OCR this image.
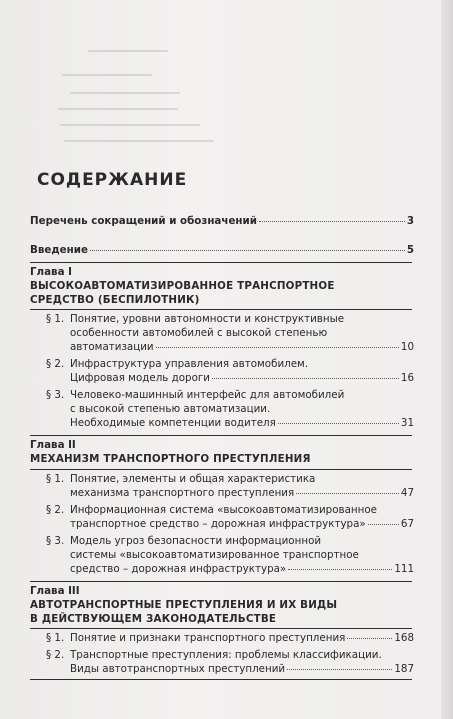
СОДЕРЖАНИЕ
Перечень сокращений и обозначений	3
Введение	5
Глава I
ВЫСОКОАВТОМАТИЗИРОВАННОЕ ТРАНСПОРТНОЕ
СРЕДСТВО (БЕСПИЛОТНИК)
§ 1. Понятие, уровни автономности и конструктивные
особенности автомобилей с высокой степенью
автоматизации	10
§ 2. Инфраструктура управления автомобилем.
Цифровая модель дороги	16
§ 3. Человеко-машинный интерфейс для автомобилей
с высокой степенью автоматизации.
Необходимые компетенции водителя	31
Глава II
МЕХАНИЗМ ТРАНСПОРТНОГО ПРЕСТУПЛЕНИЯ
§ 1. Понятие, элементы и общая характеристика
механизма транспортного преступления	47
§ 2. Информационная система «высокоавтоматизированное
транспортное средство – дорожная инфраструктура»	67
§ 3. Модель угроз безопасности информационной
системы «высокоавтоматизированное транспортное
средство – дорожная инфраструктура»	111
Глава III
АВТОТРАНСПОРТНЫЕ ПРЕСТУПЛЕНИЯ И ИХ ВИДЫ
В ДЕЙСТВУЮЩЕМ ЗАКОНОДАТЕЛЬСТВЕ
§ 1. Понятие и признаки транспортного преступления	168
§ 2. Транспортные преступления: проблемы классификации.
Виды автотранспортных преступлений	187
